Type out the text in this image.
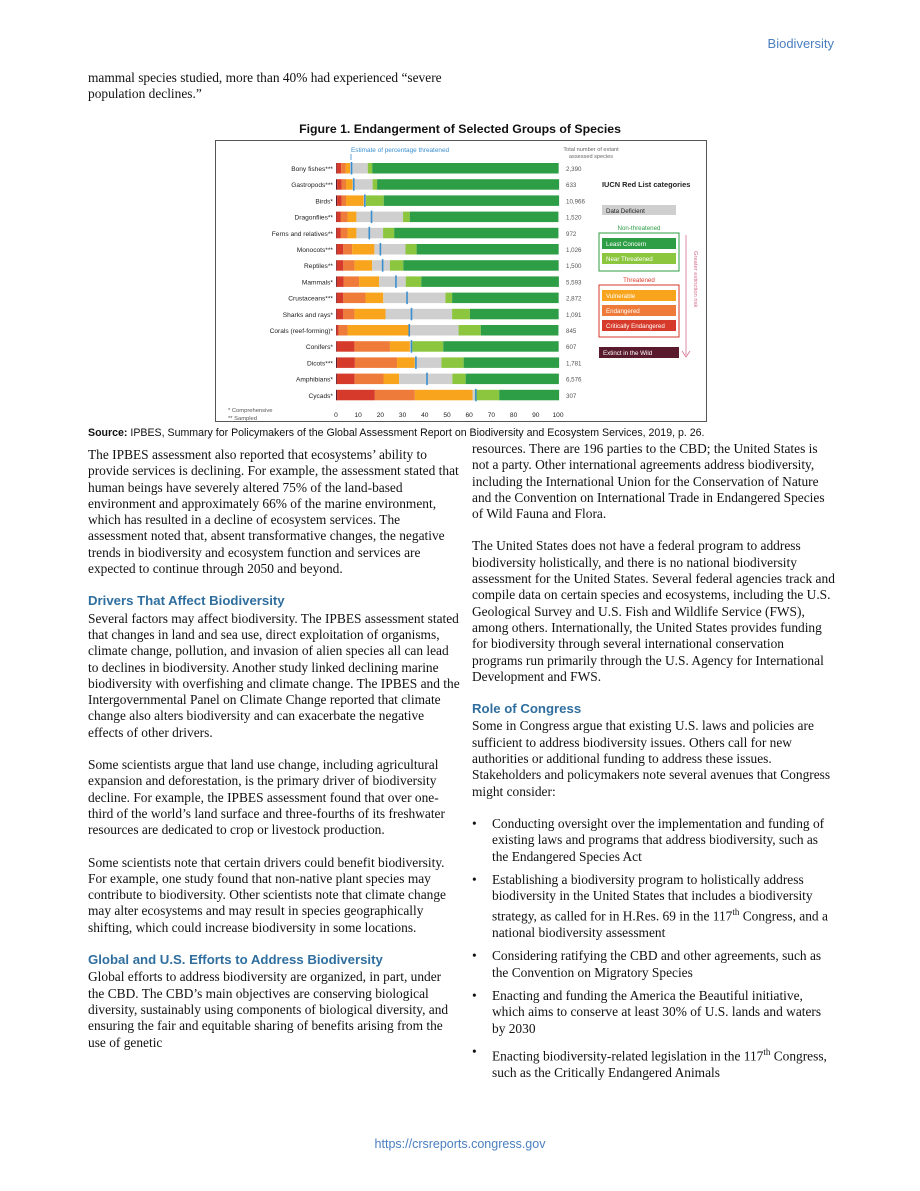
Biodiversity
mammal species studied, more than 40% had experienced “severe population declines.”
Figure 1. Endangerment of Selected Groups of Species
Estimate of percentage threatened	Total number of extant
assessed species
Bony fishes***	2,390
Gastropods***	633
Birds*	10,966
Dragonflies**	1,520
Ferns and relatives**	972
Monocots***	1,026
Reptiles**	1,500
Mammals*	5,593
Crustaceans***	2,872
Sharks and rays*	1,091
Corals (reef-forming)*	845
Conifers*	607
Dicots***	1,781
Amphibians*	6,576
Cycads*	307
0	10 20 30 40 50 60 70 80 90 100
* Comprehensive
** Sampled
IUCN Red List categories
Data Deficient
Non-threatened
Least Concern
Near Threatened
Threatened
Vulnerable
Endangered
Critically Endangered
Extinct in the Wild
Greater extinction risk
Source: IPBES, Summary for Policymakers of the Global Assessment Report on Biodiversity and Ecosystem Services, 2019, p. 26.

The IPBES assessment also reported that ecosystems’ ability to provide services is declining. For example, the assessment stated that human beings have severely altered 75% of the land-based environment and approximately 66% of the marine environment, which has resulted in a decline of ecosystem services. The assessment noted that, absent transformative changes, the negative trends in biodiversity and ecosystem function and services are expected to continue through 2050 and beyond.

Drivers That Affect Biodiversity

Several factors may affect biodiversity. The IPBES assessment stated that changes in land and sea use, direct exploitation of organisms, climate change, pollution, and invasion of alien species all can lead to declines in biodiversity. Another study linked declining marine biodiversity with overfishing and climate change. The IPBES and the Intergovernmental Panel on Climate Change reported that climate change also alters biodiversity and can exacerbate the negative effects of other drivers.

Some scientists argue that land use change, including agricultural expansion and deforestation, is the primary driver of biodiversity decline. For example, the IPBES assessment found that over one-third of the world’s land surface and three-fourths of its freshwater resources are dedicated to crop or livestock production.

Some scientists note that certain drivers could benefit biodiversity. For example, one study found that non-native plant species may contribute to biodiversity. Other scientists note that climate change may alter ecosystems and may result in species geographically shifting, which could increase biodiversity in some locations.

Global and U.S. Efforts to Address Biodiversity

Global efforts to address biodiversity are organized, in part, under the CBD. The CBD’s main objectives are conserving biological diversity, sustainably using components of biological diversity, and ensuring the fair and equitable sharing of benefits arising from the use of genetic

resources. There are 196 parties to the CBD; the United States is not a party. Other international agreements address biodiversity, including the International Union for the Conservation of Nature and the Convention on International Trade in Endangered Species of Wild Fauna and Flora.

The United States does not have a federal program to address biodiversity holistically, and there is no national biodiversity assessment for the United States. Several federal agencies track and compile data on certain species and ecosystems, including the U.S. Geological Survey and U.S. Fish and Wildlife Service (FWS), among others. Internationally, the United States provides funding for biodiversity through several international conservation programs run primarily through the U.S. Agency for International Development and FWS.

Role of Congress

Some in Congress argue that existing U.S. laws and policies are sufficient to address biodiversity issues. Others call for new authorities or additional funding to address these issues. Stakeholders and policymakers note several avenues that Congress might consider:

• Conducting oversight over the implementation and funding of existing laws and programs that address biodiversity, such as the Endangered Species Act
• Establishing a biodiversity program to holistically address biodiversity in the United States that includes a biodiversity strategy, as called for in H.Res. 69 in the 117th Congress, and a national biodiversity assessment
• Considering ratifying the CBD and other agreements, such as the Convention on Migratory Species
• Enacting and funding the America the Beautiful initiative, which aims to conserve at least 30% of U.S. lands and waters by 2030
• Enacting biodiversity-related legislation in the 117th Congress, such as the Critically Endangered Animals
https://crsreports.congress.gov
